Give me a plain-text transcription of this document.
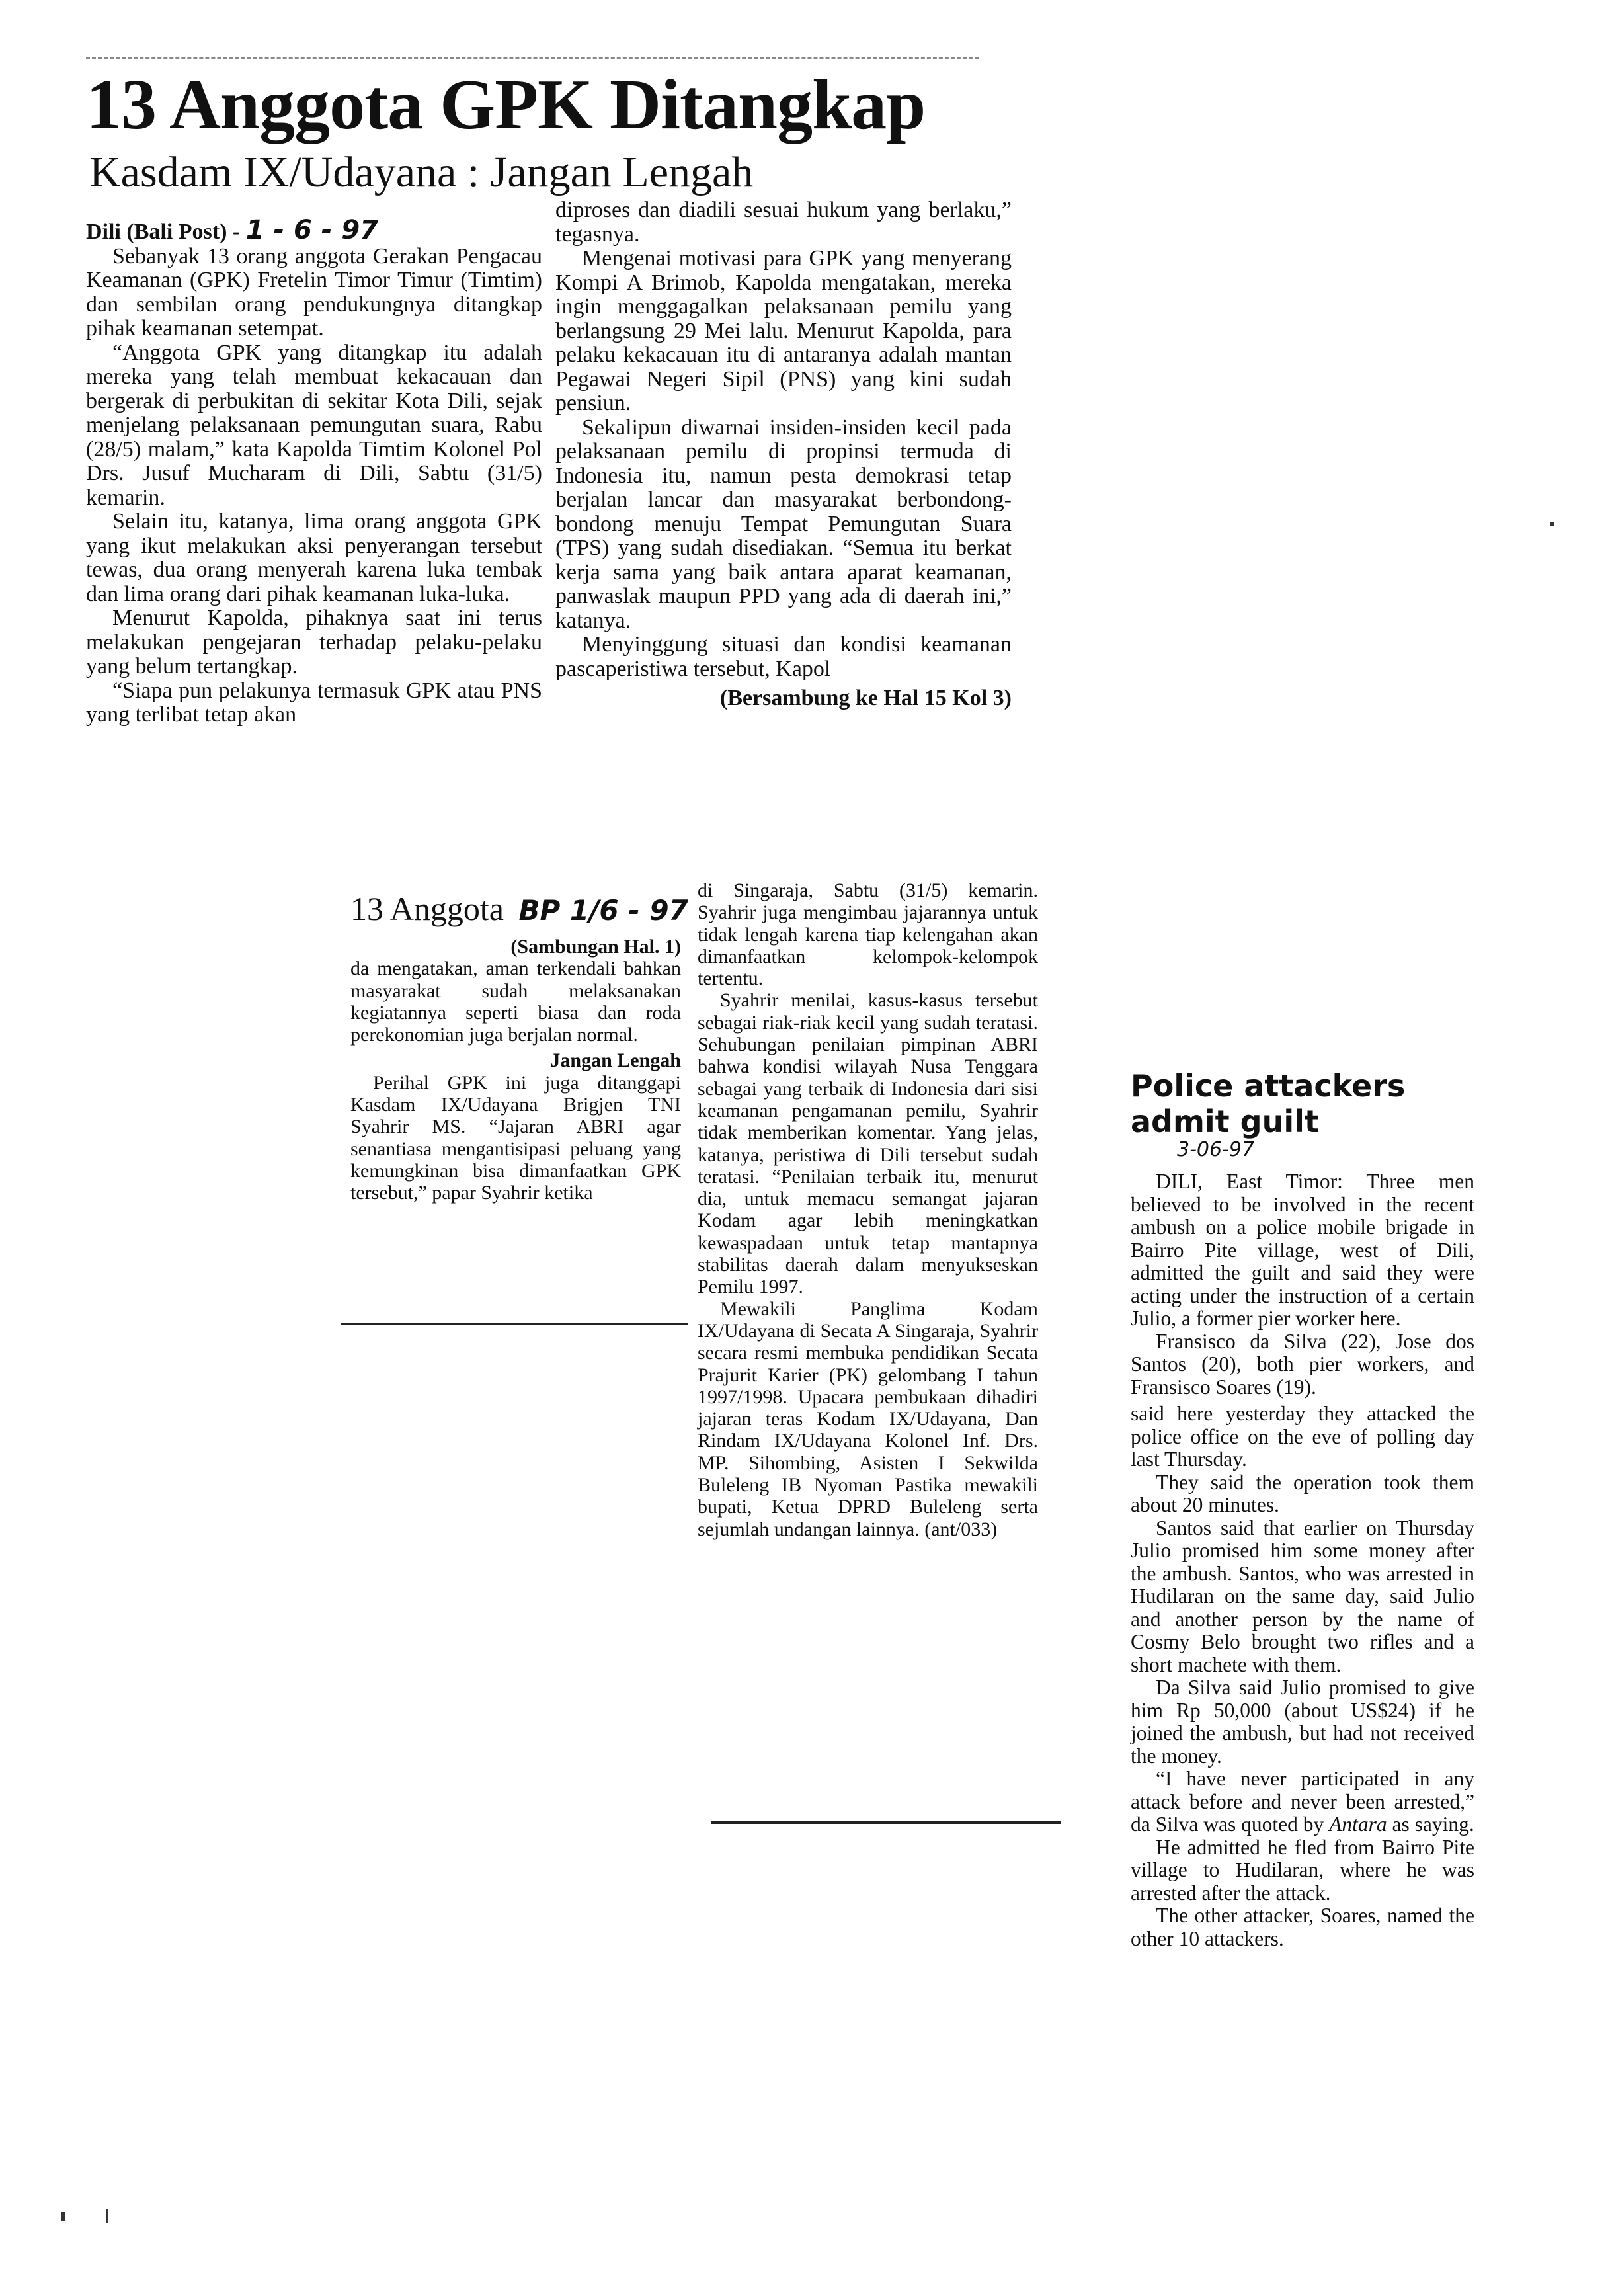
13 Anggota GPK Ditangkap
Kasdam IX/Udayana : Jangan Lengah

Dili (Bali Post) - 1 - 6 - 97

Sebanyak 13 orang anggota Gerakan Pengacau Keamanan (GPK) Fretelin Timor Timur (Timtim) dan sembilan orang pendukungnya ditangkap pihak keamanan setempat.

“Anggota GPK yang ditangkap itu adalah mereka yang telah membuat kekacauan dan bergerak di perbukitan di sekitar Kota Dili, sejak menjelang pelaksanaan pemungutan suara, Rabu (28/5) malam,” kata Kapolda Timtim Kolonel Pol Drs. Jusuf Mucharam di Dili, Sabtu (31/5) kemarin.

Selain itu, katanya, lima orang anggota GPK yang ikut melakukan aksi penyerangan tersebut tewas, dua orang menyerah karena luka tembak dan lima orang dari pihak keamanan luka-luka.

Menurut Kapolda, pihaknya saat ini terus melakukan pengejaran terhadap pelaku-pelaku yang belum tertangkap.

“Siapa pun pelakunya termasuk GPK atau PNS yang terlibat tetap akan

diproses dan diadili sesuai hukum yang berlaku,” tegasnya.

Mengenai motivasi para GPK yang menyerang Kompi A Brimob, Kapolda mengatakan, mereka ingin menggagalkan pelaksanaan pemilu yang berlangsung 29 Mei lalu. Menurut Kapolda, para pelaku kekacauan itu di antaranya adalah mantan Pegawai Negeri Sipil (PNS) yang kini sudah pensiun.

Sekalipun diwarnai insiden-insiden kecil pada pelaksanaan pemilu di propinsi termuda di Indonesia itu, namun pesta demokrasi tetap berjalan lancar dan masyarakat berbondong-bondong menuju Tempat Pemungutan Suara (TPS) yang sudah disediakan. “Semua itu berkat kerja sama yang baik antara aparat keamanan, panwaslak maupun PPD yang ada di daerah ini,” katanya.

Menyinggung situasi dan kondisi keamanan pascaperistiwa tersebut, Kapol

(Bersambung ke Hal 15 Kol 3)

13 Anggota BP 1/6 - 97

(Sambungan Hal. 1)

da mengatakan, aman terkendali bahkan masyarakat sudah melaksanakan kegiatannya seperti biasa dan roda perekonomian juga berjalan normal.

Jangan Lengah

Perihal GPK ini juga ditanggapi Kasdam IX/Udayana Brigjen TNI Syahrir MS. “Jajaran ABRI agar senantiasa mengantisipasi peluang yang kemungkinan bisa dimanfaatkan GPK tersebut,” papar Syahrir ketika

di Singaraja, Sabtu (31/5) kemarin. Syahrir juga mengimbau jajarannya untuk tidak lengah karena tiap kelengahan akan dimanfaatkan kelompok-kelompok tertentu.

Syahrir menilai, kasus-kasus tersebut sebagai riak-riak kecil yang sudah teratasi. Sehubungan penilaian pimpinan ABRI bahwa kondisi wilayah Nusa Tenggara sebagai yang terbaik di Indonesia dari sisi keamanan pengamanan pemilu, Syahrir tidak memberikan komentar. Yang jelas, katanya, peristiwa di Dili tersebut sudah teratasi. “Penilaian terbaik itu, menurut dia, untuk memacu semangat jajaran Kodam agar lebih meningkatkan kewaspadaan untuk tetap mantapnya stabilitas daerah dalam menyukseskan Pemilu 1997.

Mewakili Panglima Kodam IX/Udayana di Secata A Singaraja, Syahrir secara resmi membuka pendidikan Secata Prajurit Karier (PK) gelombang I tahun 1997/1998. Upacara pembukaan dihadiri jajaran teras Kodam IX/Udayana, Dan Rindam IX/Udayana Kolonel Inf. Drs. MP. Sihombing, Asisten I Sekwilda Buleleng IB Nyoman Pastika mewakili bupati, Ketua DPRD Buleleng serta sejumlah undangan lainnya. (ant/033)

Police attackers
admit guilt
3-06-97

DILI, East Timor: Three men believed to be involved in the recent ambush on a police mobile brigade in Bairro Pite village, west of Dili, admitted the guilt and said they were acting under the instruction of a certain Julio, a former pier worker here.

Fransisco da Silva (22), Jose dos Santos (20), both pier workers, and Fransisco Soares (19).

said here yesterday they attacked the police office on the eve of polling day last Thursday.

They said the operation took them about 20 minutes.

Santos said that earlier on Thursday Julio promised him some money after the ambush. Santos, who was arrested in Hudilaran on the same day, said Julio and another person by the name of Cosmy Belo brought two rifles and a short machete with them.

Da Silva said Julio promised to give him Rp 50,000 (about US$24) if he joined the ambush, but had not received the money.

“I have never participated in any attack before and never been arrested,” da Silva was quoted by Antara as saying.

He admitted he fled from Bairro Pite village to Hudilaran, where he was arrested after the attack.

The other attacker, Soares, named the other 10 attackers.
